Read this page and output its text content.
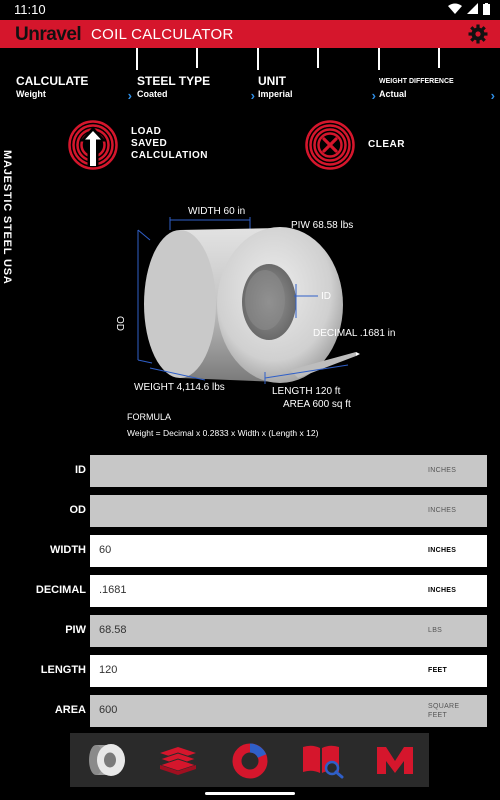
11:10
Unravel COIL CALCULATOR
CALCULATE
Weight	›
STEEL TYPE
Coated	›
UNIT
Imperial	›
WEIGHT DIFFERENCE
Actual	›
MAJESTIC STEEL USA
LOAD
SAVED
CALCULATION
CLEAR
WIDTH 60 in
PIW 68.58 lbs
ID
OD
DECIMAL .1681 in
WEIGHT 4,114.6 lbs	LENGTH 120 ft
AREA 600 sq ft
FORMULA
Weight = Decimal x 0.2833 x Width x (Length x 12)
ID	INCHES
OD	INCHES
WIDTH 60	INCHES
DECIMAL .1681	INCHES
PIW 68.58	LBS
LENGTH 120	FEET
AREA 600	SQUARE
FEET
